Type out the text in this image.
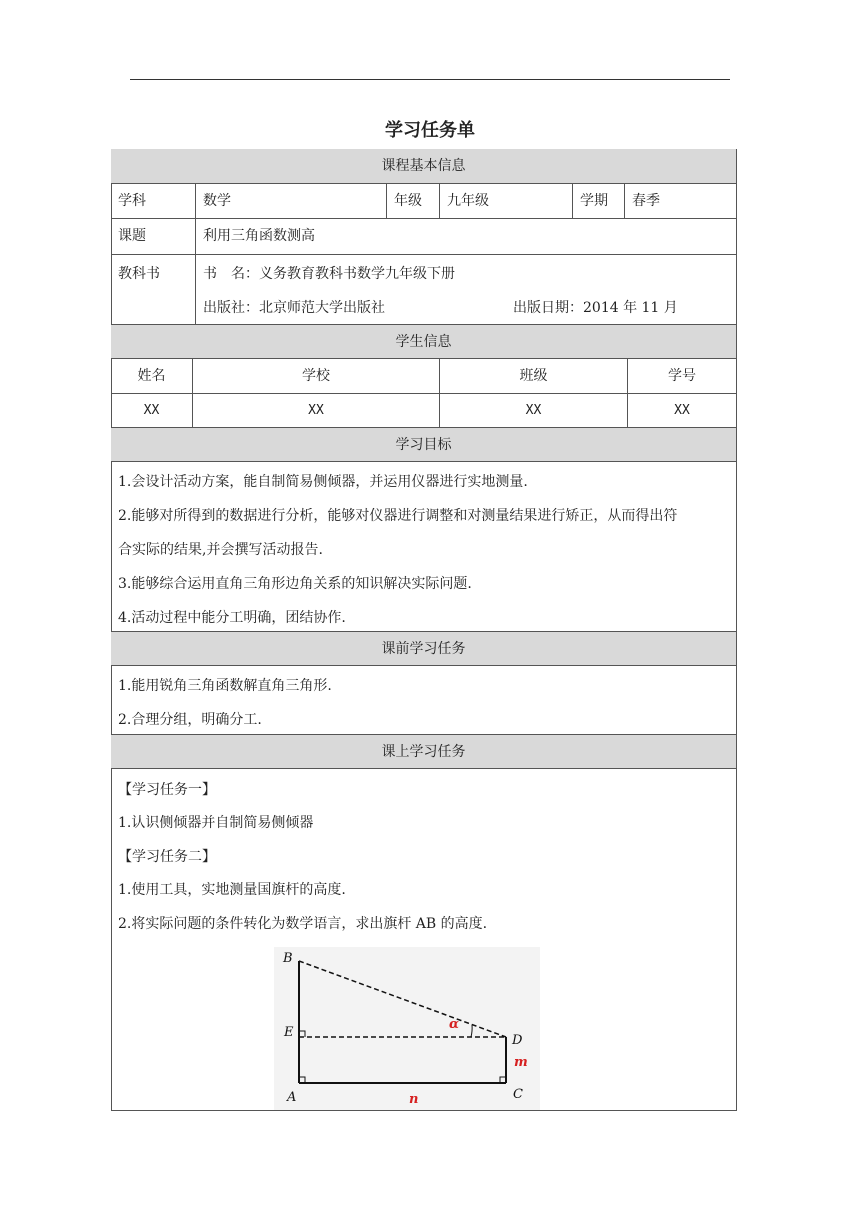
学习任务单
课程基本信息
学科	数学	年级	九年级	学期	春季
课题	利用三角函数测高
教科书	书　名：义务教育教科书数学九年级下册
出版社：北京师范大学出版社	出版日期：2014 年 11 月
学生信息
姓名	学校	班级	学号
XX	XX	XX	XX
学习目标
1.会设计活动方案，能自制简易侧倾器，并运用仪器进行实地测量.
2.能够对所得到的数据进行分析，能够对仪器进行调整和对测量结果进行矫正，从而得出符
合实际的结果,并会撰写活动报告.
3.能够综合运用直角三角形边角关系的知识解决实际问题.
4.活动过程中能分工明确，团结协作.
课前学习任务
1.能用锐角三角函数解直角三角形.
2.合理分组，明确分工.
课上学习任务
【学习任务一】
1.认识侧倾器并自制简易侧倾器
【学习任务二】
1.使用工具，实地测量国旗杆的高度.
2.将实际问题的条件转化为数学语言，求出旗杆 AB 的高度.
B
E
A
D
C
α
m
n
